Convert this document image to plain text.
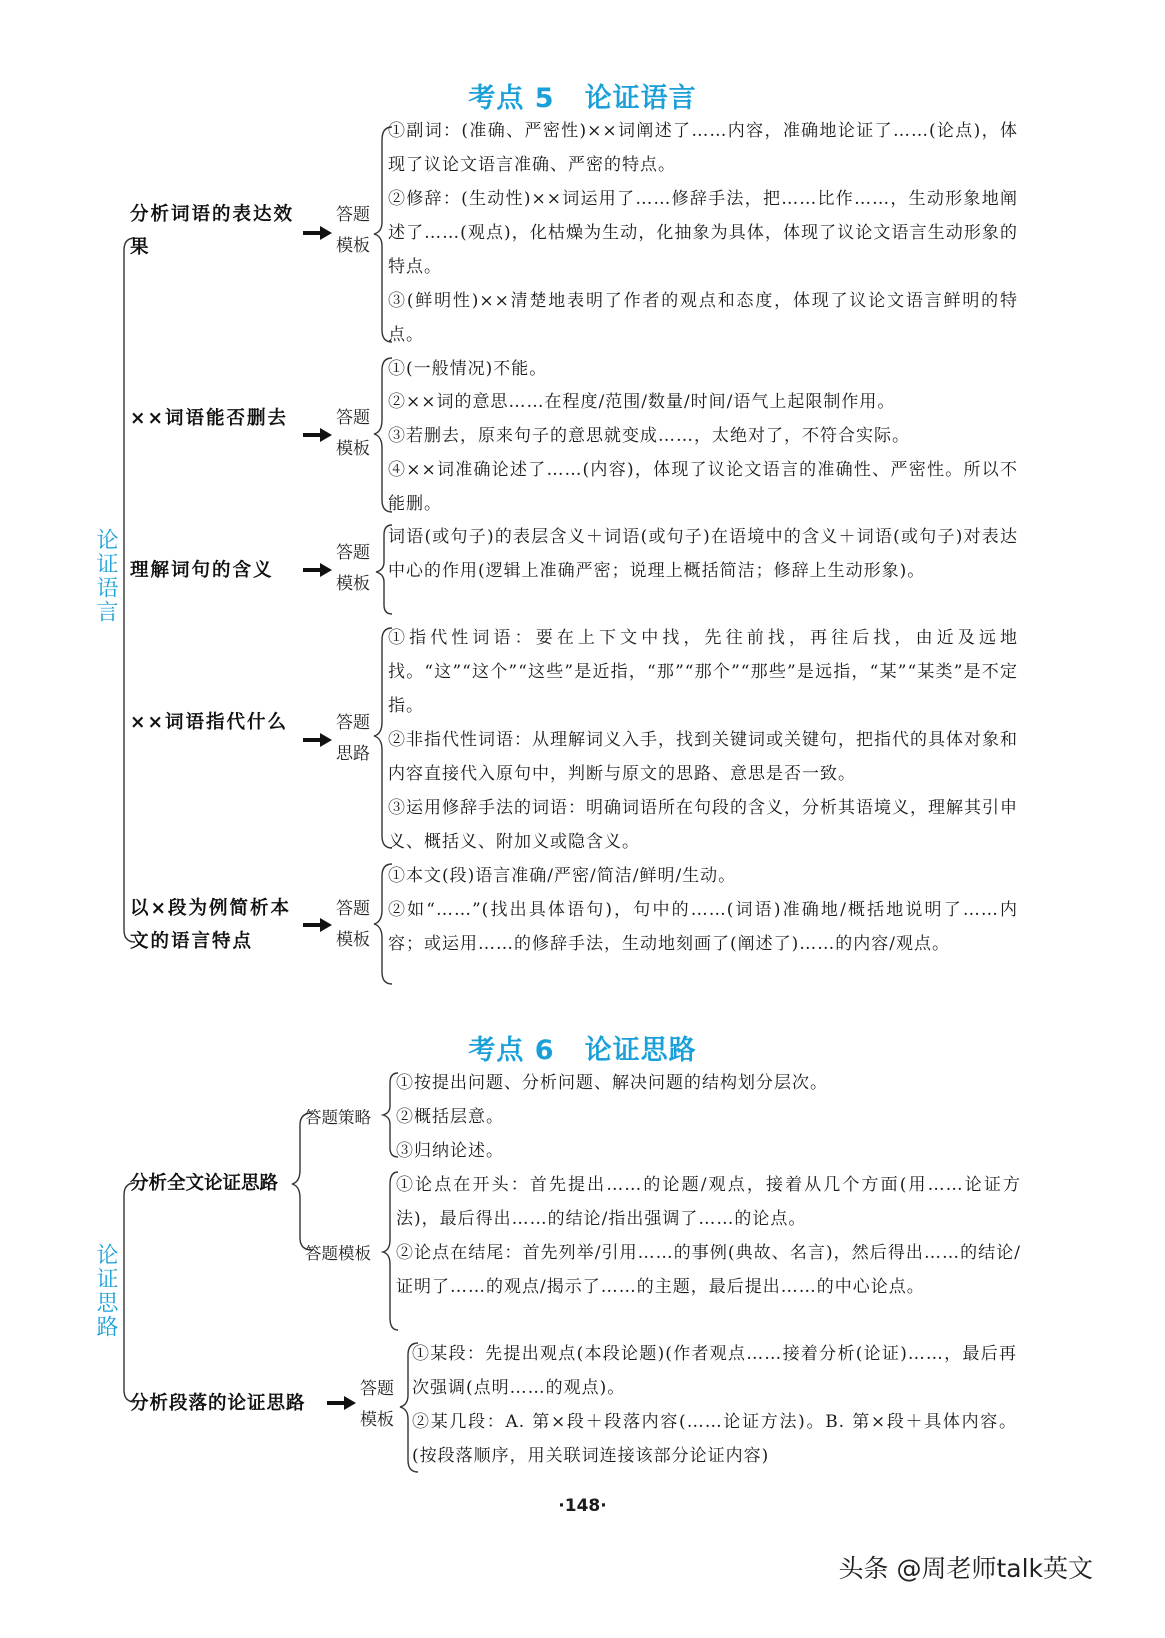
考点 5 论证语言
论证语言
分析词语的表达效果
答题模板
①副词：(准确、严密性)××词阐述了……内容，准确地论证了……(论点)，体现了议论文语言准确、严密的特点。
②修辞：(生动性)××词运用了……修辞手法，把……比作……，生动形象地阐述了……(观点)，化枯燥为生动，化抽象为具体，体现了议论文语言生动形象的特点。
③(鲜明性)××清楚地表明了作者的观点和态度，体现了议论文语言鲜明的特点。
××词语能否删去	答题模板
①(一般情况)不能。
②××词的意思……在程度/范围/数量/时间/语气上起限制作用。
③若删去，原来句子的意思就变成……，太绝对了，不符合实际。
④××词准确论述了……(内容)，体现了议论文语言的准确性、严密性。所以不能删。
理解词句的含义
答题模板
词语(或句子)的表层含义＋词语(或句子)在语境中的含义＋词语(或句子)对表达中心的作用(逻辑上准确严密；说理上概括简洁；修辞上生动形象)。
××词语指代什么	答题思路
①指代性词语：要在上下文中找，先往前找，再往后找，由近及远地找。“这”“这个”“这些”是近指，“那”“那个”“那些”是远指，“某”“某类”是不定指。
②非指代性词语：从理解词义入手，找到关键词或关键句，把指代的具体对象和内容直接代入原句中，判断与原文的思路、意思是否一致。
③运用修辞手法的词语：明确词语所在句段的含义，分析其语境义，理解其引申义、概括义、附加义或隐含义。
以×段为例简析本文的语言特点
答题模板
①本文(段)语言准确/严密/简洁/鲜明/生动。
②如“……”(找出具体语句)，句中的……(词语)准确地/概括地说明了……内容；或运用……的修辞手法，生动地刻画了(阐述了)……的内容/观点。
考点 6 论证思路
论证思路
分析全文论证思路
答题策略
答题模板
①按提出问题、分析问题、解决问题的结构划分层次。
②概括层意。
③归纳论述。
①论点在开头：首先提出……的论题/观点，接着从几个方面(用……论证方法)，最后得出……的结论/指出强调了……的论点。
②论点在结尾：首先列举/引用……的事例(典故、名言)，然后得出……的结论/证明了……的观点/揭示了……的主题，最后提出……的中心论点。
分析段落的论证思路
答题模板
①某段：先提出观点(本段论题)(作者观点……接着分析(论证)……，最后再次强调(点明……的观点)。
②某几段：A. 第×段＋段落内容(……论证方法)。B. 第×段＋具体内容。(按段落顺序，用关联词连接该部分论证内容)
·148·
头条 @周老师talk英文
